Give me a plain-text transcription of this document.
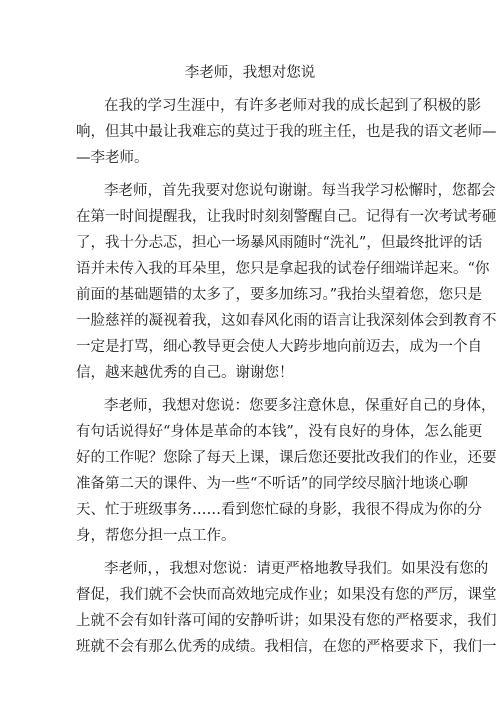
李老师，我想对您说
在我的学习生涯中，有许多老师对我的成长起到了积极的影
响，但其中最让我难忘的莫过于我的班主任，也是我的语文老师—
—李老师。
李老师，首先我要对您说句谢谢。每当我学习松懈时，您都会
在第一时间提醒我，让我时时刻刻警醒自己。记得有一次考试考砸
了，我十分忐忑，担心一场暴风雨随时“洗礼”，但最终批评的话
语并未传入我的耳朵里，您只是拿起我的试卷仔细端详起来。“你
前面的基础题错的太多了，要多加练习。”我抬头望着您，您只是
一脸慈祥的凝视着我，这如春风化雨的语言让我深刻体会到教育不
一定是打骂，细心教导更会使人大跨步地向前迈去，成为一个自
信，越来越优秀的自己。谢谢您！
李老师，我想对您说：您要多注意休息，保重好自己的身体，
有句话说得好“身体是革命的本钱”，没有良好的身体，怎么能更
好的工作呢？您除了每天上课，课后您还要批改我们的作业，还要
准备第二天的课件、为一些“不听话”的同学绞尽脑汁地谈心聊
天、忙于班级事务……看到您忙碌的身影，我很不得成为你的分
身，帮您分担一点工作。
李老师，，我想对您说：请更严格地教导我们。如果没有您的
督促，我们就不会快而高效地完成作业；如果没有您的严厉，课堂
上就不会有如针落可闻的安静听讲；如果没有您的严格要求，我们
班就不会有那么优秀的成绩。我相信，在您的严格要求下，我们一
